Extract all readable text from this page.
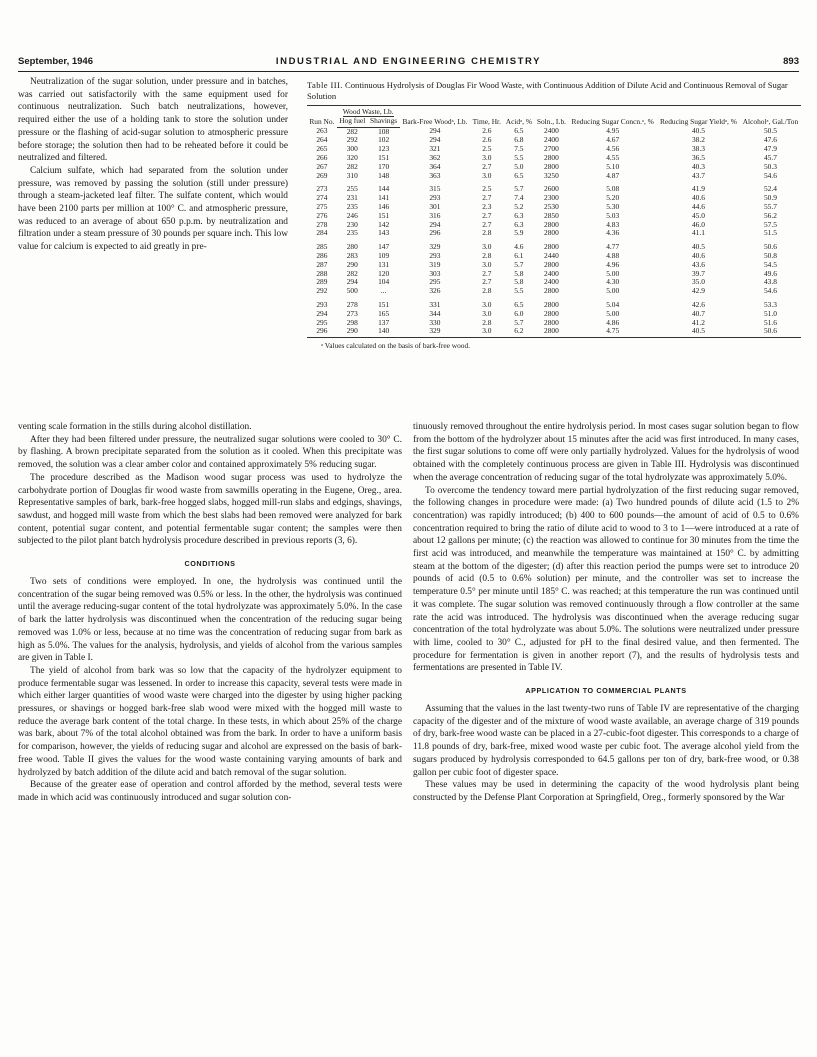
September, 1946	INDUSTRIAL AND ENGINEERING CHEMISTRY	893

Neutralization of the sugar solution, under pressure and in batches, was carried out satisfactorily with the same equipment used for continuous neutralization. Such batch neutralizations, however, required either the use of a holding tank to store the solution under pressure or the flashing of acid-sugar solution to atmospheric pressure before storage; the solution then had to be reheated before it could be neutralized and filtered.

Calcium sulfate, which had separated from the solution under pressure, was removed by passing the solution (still under pressure) through a steam-jacketed leaf filter. The sulfate content, which would have been 2100 parts per million at 100° C. and atmospheric pressure, was reduced to an average of about 650 p.p.m. by neutralization and filtration under a steam pressure of 30 pounds per square inch. This low value for calcium is expected to aid greatly in pre-

Table III. Continuous Hydrolysis of Douglas Fir Wood Waste, with Continuous Addition of Dilute Acid and Continuous Removal of Sugar Solution

Run No.	Wood Waste, Lb.		Bark-Free Woodᵃ, Lb.	Time, Hr.	Acidᵃ, %	Soln., Lb.	Reducing Sugar Concn.ᵃ, %	Reducing Sugar Yieldᵃ, %	Alcoholᵃ, Gal./Ton
	Hog fuel	Shavings							
263	282	108	294	2.6	6.5	2400	4.95	40.5	50.5
264	292	102	294	2.6	6.8	2400	4.67	38.2	47.6
265	300	123	321	2.5	7.5	2700	4.56	38.3	47.9
266	320	151	362	3.0	5.5	2800	4.55	36.5	45.7
267	282	170	364	2.7	5.0	2800	5.10	40.3	50.3
269	310	148	363	3.0	6.5	3250	4.87	43.7	54.6
273	255	144	315	2.5	5.7	2600	5.08	41.9	52.4
274	231	141	293	2.7	7.4	2300	5.20	40.6	50.9
275	235	146	301	2.3	5.2	2530	5.30	44.6	55.7
276	246	151	316	2.7	6.3	2850	5.03	45.0	56.2
278	230	142	294	2.7	6.3	2800	4.83	46.0	57.5
284	235	143	296	2.8	5.9	2800	4.36	41.1	51.5
285	280	147	329	3.0	4.6	2800	4.77	40.5	50.6
286	283	109	293	2.8	6.1	2440	4.88	40.6	50.8
287	290	131	319	3.0	5.7	2800	4.96	43.6	54.5
288	282	120	303	2.7	5.8	2400	5.00	39.7	49.6
289	294	104	295	2.7	5.8	2400	4.30	35.0	43.8
292	500	...	326	2.8	5.5	2800	5.00	42.9	54.6
293	278	151	331	3.0	6.5	2800	5.04	42.6	53.3
294	273	165	344	3.0	6.0	2800	5.00	40.7	51.0
295	298	137	330	2.8	5.7	2800	4.86	41.2	51.6
296	290	140	329	3.0	6.2	2800	4.75	40.5	50.6
ᵃ Values calculated on the basis of bark-free wood.

venting scale formation in the stills during alcohol distillation.

After they had been filtered under pressure, the neutralized sugar solutions were cooled to 30° C. by flashing. A brown precipitate separated from the solution as it cooled. When this precipitate was removed, the solution was a clear amber color and contained approximately 5% reducing sugar.

The procedure described as the Madison wood sugar process was used to hydrolyze the carbohydrate portion of Douglas fir wood waste from sawmills operating in the Eugene, Oreg., area. Representative samples of bark, bark-free hogged slabs, hogged mill-run slabs and edgings, shavings, sawdust, and hogged mill waste from which the best slabs had been removed were analyzed for bark content, potential sugar content, and potential fermentable sugar content; the samples were then subjected to the pilot plant batch hydrolysis procedure described in previous reports (3, 6).

CONDITIONS

Two sets of conditions were employed. In one, the hydrolysis was continued until the concentration of the sugar being removed was 0.5% or less. In the other, the hydrolysis was continued until the average reducing-sugar content of the total hydrolyzate was approximately 5.0%. In the case of bark the latter hydrolysis was discontinued when the concentration of the reducing sugar being removed was 1.0% or less, because at no time was the concentration of reducing sugar from bark as high as 5.0%. The values for the analysis, hydrolysis, and yields of alcohol from the various samples are given in Table I.

The yield of alcohol from bark was so low that the capacity of the hydrolyzer equipment to produce fermentable sugar was lessened. In order to increase this capacity, several tests were made in which either larger quantities of wood waste were charged into the digester by using higher packing pressures, or shavings or hogged bark-free slab wood were mixed with the hogged mill waste to reduce the average bark content of the total charge. In these tests, in which about 25% of the charge was bark, about 7% of the total alcohol obtained was from the bark. In order to have a uniform basis for comparison, however, the yields of reducing sugar and alcohol are expressed on the basis of bark-free wood. Table II gives the values for the wood waste containing varying amounts of bark and hydrolyzed by batch addition of the dilute acid and batch removal of the sugar solution.

Because of the greater ease of operation and control afforded by the method, several tests were made in which acid was continuously introduced and sugar solution con-

tinuously removed throughout the entire hydrolysis period. In most cases sugar solution began to flow from the bottom of the hydrolyzer about 15 minutes after the acid was first introduced. In many cases, the first sugar solutions to come off were only partially hydrolyzed. Values for the hydrolysis of wood obtained with the completely continuous process are given in Table III. Hydrolysis was discontinued when the average concentration of reducing sugar of the total hydrolyzate was approximately 5.0%.

To overcome the tendency toward mere partial hydrolyzation of the first reducing sugar removed, the following changes in procedure were made: (a) Two hundred pounds of dilute acid (1.5 to 2% concentration) was rapidly introduced; (b) 400 to 600 pounds—the amount of acid of 0.5 to 0.6% concentration required to bring the ratio of dilute acid to wood to 3 to 1—were introduced at a rate of about 12 gallons per minute; (c) the reaction was allowed to continue for 30 minutes from the time the first acid was introduced, and meanwhile the temperature was maintained at 150° C. by admitting steam at the bottom of the digester; (d) after this reaction period the pumps were set to introduce 20 pounds of acid (0.5 to 0.6% solution) per minute, and the controller was set to increase the temperature 0.5° per minute until 185° C. was reached; at this temperature the run was continued until it was complete. The sugar solution was removed continuously through a flow controller at the same rate the acid was introduced. The hydrolysis was discontinued when the average reducing sugar concentration of the total hydrolyzate was about 5.0%. The solutions were neutralized under pressure with lime, cooled to 30° C., adjusted for pH to the final desired value, and then fermented. The procedure for fermentation is given in another report (7), and the results of hydrolysis tests and fermentations are presented in Table IV.

APPLICATION TO COMMERCIAL PLANTS

Assuming that the values in the last twenty-two runs of Table IV are representative of the charging capacity of the digester and of the mixture of wood waste available, an average charge of 319 pounds of dry, bark-free wood waste can be placed in a 27-cubic-foot digester. This corresponds to a charge of 11.8 pounds of dry, bark-free, mixed wood waste per cubic foot. The average alcohol yield from the sugars produced by hydrolysis corresponded to 64.5 gallons per ton of dry, bark-free wood, or 0.38 gallon per cubic foot of digester space.

These values may be used in determining the capacity of the wood hydrolysis plant being constructed by the Defense Plant Corporation at Springfield, Oreg., formerly sponsored by the War
